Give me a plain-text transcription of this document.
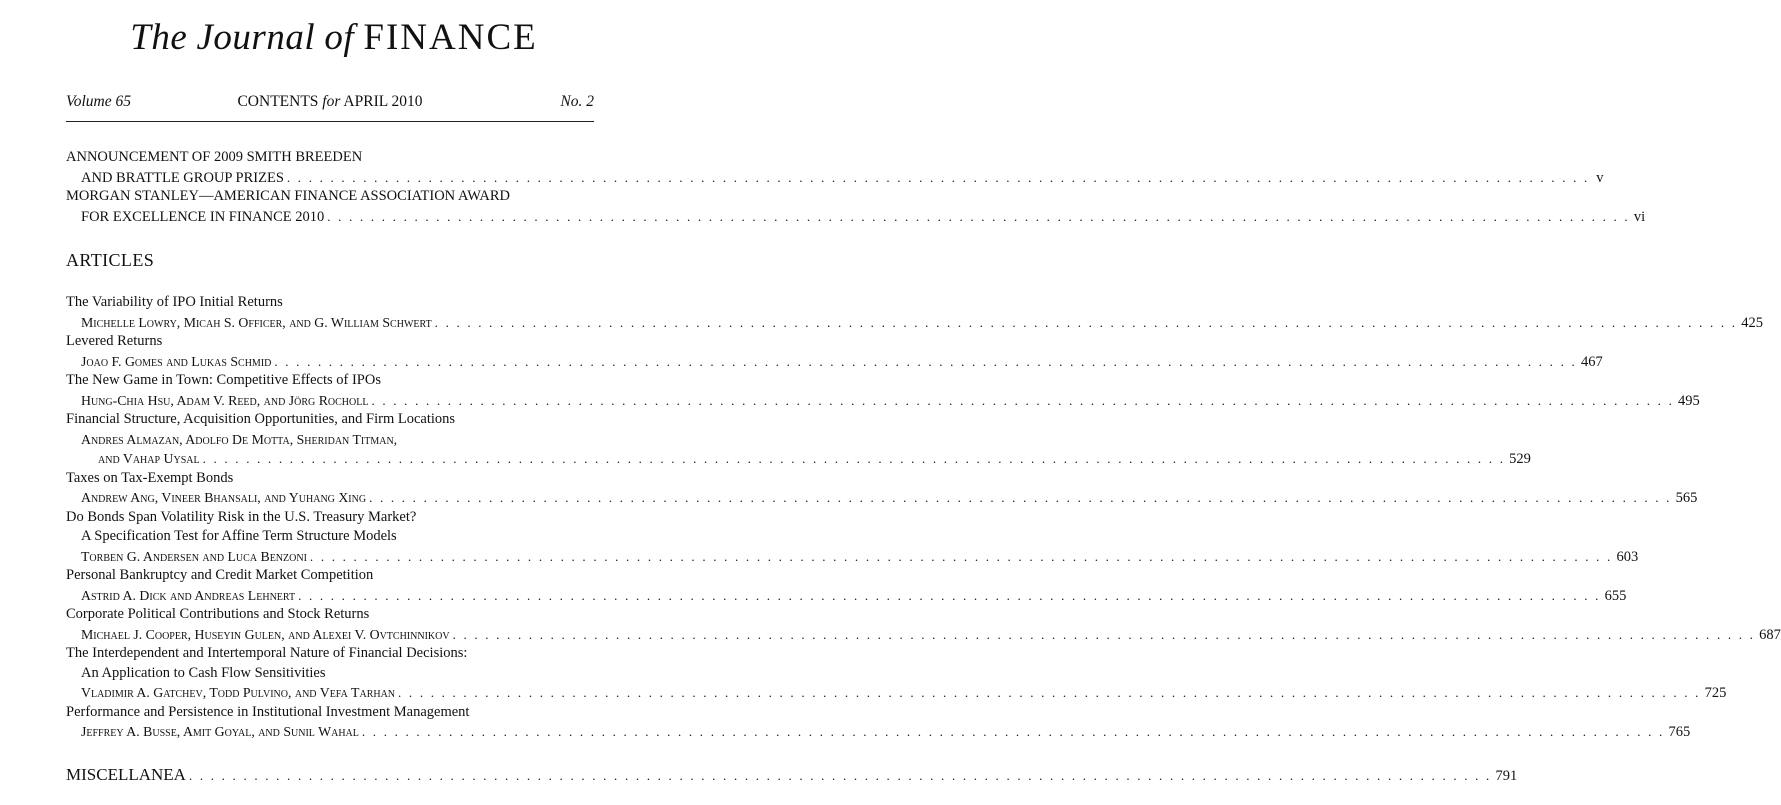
The Journal of FINANCE
Volume 65	CONTENTS for APRIL 2010	No. 2
ANNOUNCEMENT OF 2009 SMITH BREEDEN
AND BRATTLE GROUP PRIZES . . . . . . . . . . . . . . . . . . . . . . . . . . . . . . . . . . . . . . . . . . . . . . . . . . . . . . . . . . . . . . . . . . . . . . . . . . . . . . . . . . . . . . . . . . . . . . . . . . . . . . . . . . . . . . . . . . . . . . . . v
MORGAN STANLEY—AMERICAN FINANCE ASSOCIATION AWARD
FOR EXCELLENCE IN FINANCE 2010 . . . . . . . . . . . . . . . . . . . . . . . . . . . . . . . . . . . . . . . . . . . . . . . . . . . . . . . . . . . . . . . . . . . . . . . . . . . . . . . . . . . . . . . . . . . . . . . . . . . . . . . . . . . . . . . . . . . . . . . . vi
ARTICLES
The Variability of IPO Initial Returns
Michelle Lowry, Micah S. Officer, and G. William Schwert . . . . . . . . . . . . . . . . . . . . . . . . . . . . . . . . . . . . . . . . . . . . . . . . . . . . . . . . . . . . . . . . . . . . . . . . . . . . . . . . . . . . . . . . . . . . . . . . . . . . . . . . . . . . . . . . . . . . . . . . 425
Levered Returns
Joao F. Gomes and Lukas Schmid . . . . . . . . . . . . . . . . . . . . . . . . . . . . . . . . . . . . . . . . . . . . . . . . . . . . . . . . . . . . . . . . . . . . . . . . . . . . . . . . . . . . . . . . . . . . . . . . . . . . . . . . . . . . . . . . . . . . . . . . 467
The New Game in Town: Competitive Effects of IPOs
Hung-Chia Hsu, Adam V. Reed, and Jörg Rocholl . . . . . . . . . . . . . . . . . . . . . . . . . . . . . . . . . . . . . . . . . . . . . . . . . . . . . . . . . . . . . . . . . . . . . . . . . . . . . . . . . . . . . . . . . . . . . . . . . . . . . . . . . . . . . . . . . . . . . . . . 495
Financial Structure, Acquisition Opportunities, and Firm Locations
Andres Almazan, Adolfo De Motta, Sheridan Titman,
and Vahap Uysal . . . . . . . . . . . . . . . . . . . . . . . . . . . . . . . . . . . . . . . . . . . . . . . . . . . . . . . . . . . . . . . . . . . . . . . . . . . . . . . . . . . . . . . . . . . . . . . . . . . . . . . . . . . . . . . . . . . . . . . . 529
Taxes on Tax-Exempt Bonds
Andrew Ang, Vineer Bhansali, and Yuhang Xing . . . . . . . . . . . . . . . . . . . . . . . . . . . . . . . . . . . . . . . . . . . . . . . . . . . . . . . . . . . . . . . . . . . . . . . . . . . . . . . . . . . . . . . . . . . . . . . . . . . . . . . . . . . . . . . . . . . . . . . . 565
Do Bonds Span Volatility Risk in the U.S. Treasury Market?
A Specification Test for Affine Term Structure Models
Torben G. Andersen and Luca Benzoni . . . . . . . . . . . . . . . . . . . . . . . . . . . . . . . . . . . . . . . . . . . . . . . . . . . . . . . . . . . . . . . . . . . . . . . . . . . . . . . . . . . . . . . . . . . . . . . . . . . . . . . . . . . . . . . . . . . . . . . . 603
Personal Bankruptcy and Credit Market Competition
Astrid A. Dick and Andreas Lehnert . . . . . . . . . . . . . . . . . . . . . . . . . . . . . . . . . . . . . . . . . . . . . . . . . . . . . . . . . . . . . . . . . . . . . . . . . . . . . . . . . . . . . . . . . . . . . . . . . . . . . . . . . . . . . . . . . . . . . . . . 655
Corporate Political Contributions and Stock Returns
Michael J. Cooper, Huseyin Gulen, and Alexei V. Ovtchinnikov . . . . . . . . . . . . . . . . . . . . . . . . . . . . . . . . . . . . . . . . . . . . . . . . . . . . . . . . . . . . . . . . . . . . . . . . . . . . . . . . . . . . . . . . . . . . . . . . . . . . . . . . . . . . . . . . . . . . . . . . 687
The Interdependent and Intertemporal Nature of Financial Decisions:
An Application to Cash Flow Sensitivities
Vladimir A. Gatchev, Todd Pulvino, and Vefa Tarhan . . . . . . . . . . . . . . . . . . . . . . . . . . . . . . . . . . . . . . . . . . . . . . . . . . . . . . . . . . . . . . . . . . . . . . . . . . . . . . . . . . . . . . . . . . . . . . . . . . . . . . . . . . . . . . . . . . . . . . . . 725
Performance and Persistence in Institutional Investment Management
Jeffrey A. Busse, Amit Goyal, and Sunil Wahal . . . . . . . . . . . . . . . . . . . . . . . . . . . . . . . . . . . . . . . . . . . . . . . . . . . . . . . . . . . . . . . . . . . . . . . . . . . . . . . . . . . . . . . . . . . . . . . . . . . . . . . . . . . . . . . . . . . . . . . . 765
MISCELLANEA . . . . . . . . . . . . . . . . . . . . . . . . . . . . . . . . . . . . . . . . . . . . . . . . . . . . . . . . . . . . . . . . . . . . . . . . . . . . . . . . . . . . . . . . . . . . . . . . . . . . . . . . . . . . . . . . . . . . . . . . 791
